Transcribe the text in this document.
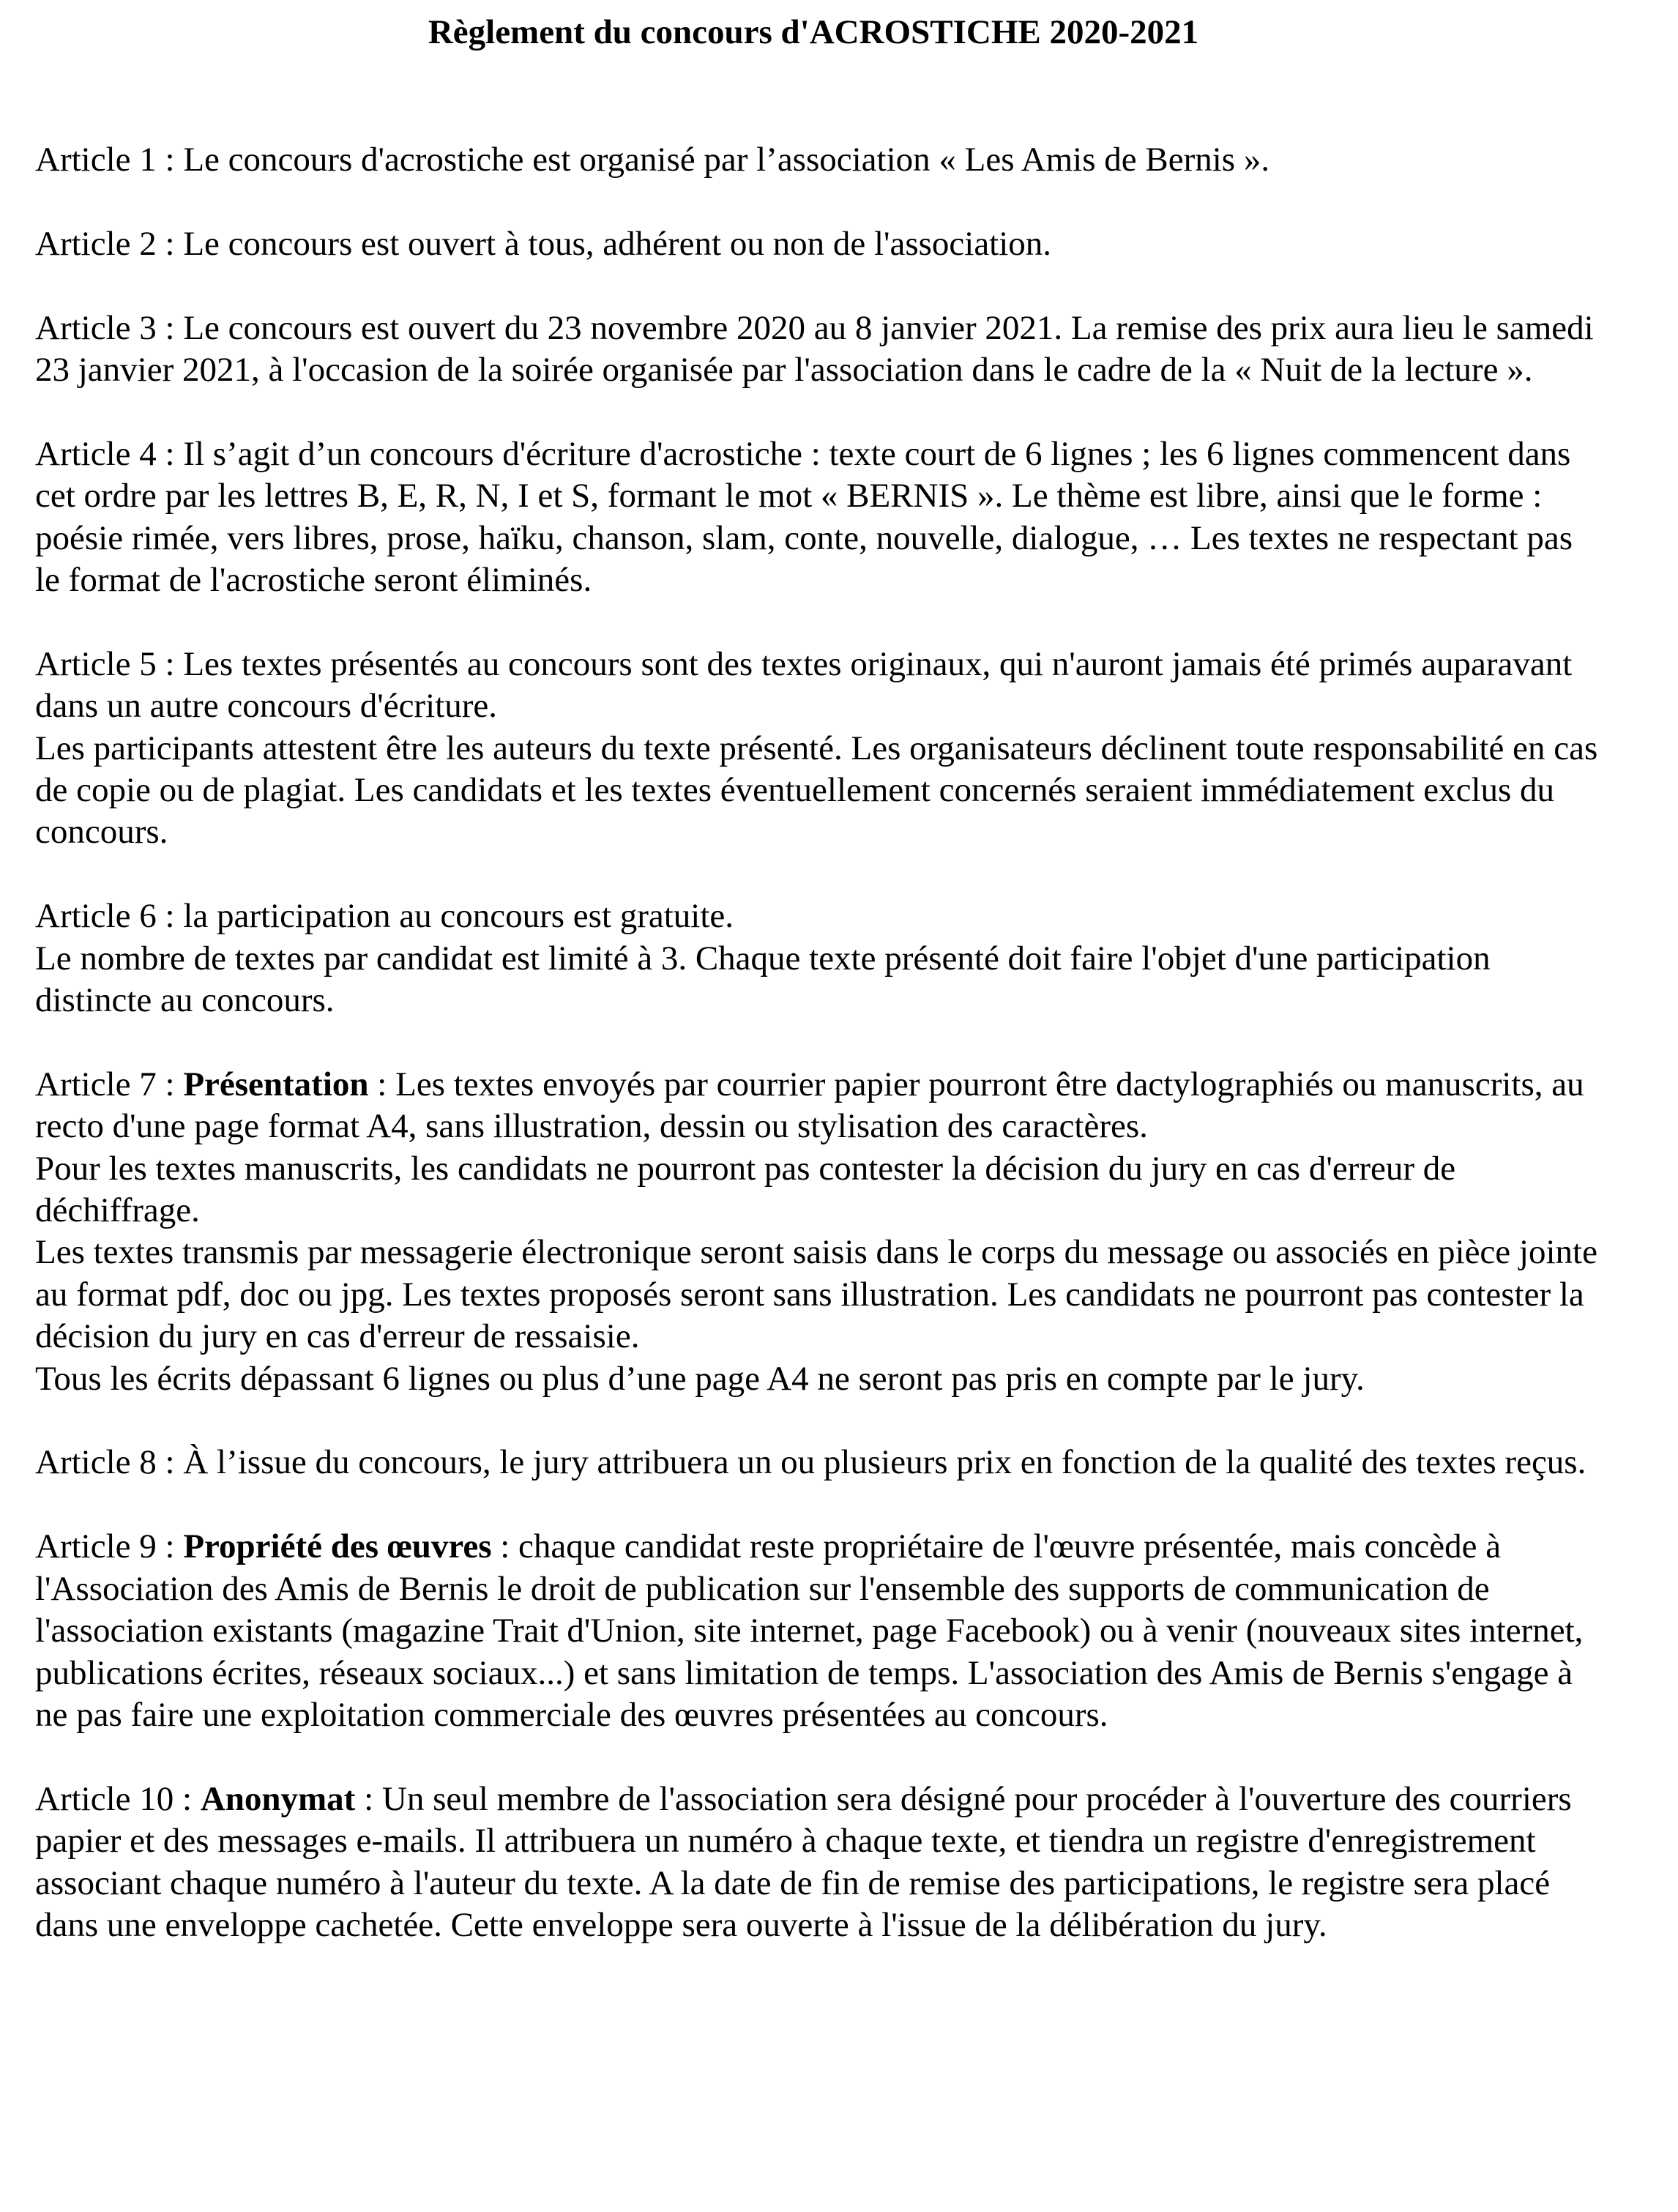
Règlement du concours d'ACROSTICHE 2020-2021

Article 1 : Le concours d'acrostiche est organisé par l’association « Les Amis de Bernis ».

Article 2 : Le concours est ouvert à tous, adhérent ou non de l'association.

Article 3 : Le concours est ouvert du 23 novembre 2020 au 8 janvier 2021. La remise des prix aura lieu le samedi 23 janvier 2021, à l'occasion de la soirée organisée par l'association dans le cadre de la « Nuit de la lecture ».

Article 4 : Il s’agit d’un concours d'écriture d'acrostiche : texte court de 6 lignes ; les 6 lignes commencent dans cet ordre par les lettres B, E, R, N, I et S, formant le mot « BERNIS ». Le thème est libre, ainsi que le forme : poésie rimée, vers libres, prose, haïku, chanson, slam, conte, nouvelle, dialogue, … Les textes ne respectant pas le format de l'acrostiche seront éliminés.

Article 5 : Les textes présentés au concours sont des textes originaux, qui n'auront jamais été primés auparavant dans un autre concours d'écriture.

Les participants attestent être les auteurs du texte présenté. Les organisateurs déclinent toute responsabilité en cas de copie ou de plagiat. Les candidats et les textes éventuellement concernés seraient immédiatement exclus du concours.

Article 6 : la participation au concours est gratuite.

Le nombre de textes par candidat est limité à 3. Chaque texte présenté doit faire l'objet d'une participation distincte au concours.

Article 7 : Présentation : Les textes envoyés par courrier papier pourront être dactylographiés ou manuscrits, au recto d'une page format A4, sans illustration, dessin ou stylisation des caractères.

Pour les textes manuscrits, les candidats ne pourront pas contester la décision du jury en cas d'erreur de déchiffrage.

Les textes transmis par messagerie électronique seront saisis dans le corps du message ou associés en pièce jointe au format pdf, doc ou jpg. Les textes proposés seront sans illustration. Les candidats ne pourront pas contester la décision du jury en cas d'erreur de ressaisie.

Tous les écrits dépassant 6 lignes ou plus d’une page A4 ne seront pas pris en compte par le jury.

Article 8 : À l’issue du concours, le jury attribuera un ou plusieurs prix en fonction de la qualité des textes reçus.

Article 9 : Propriété des œuvres : chaque candidat reste propriétaire de l'œuvre présentée, mais concède à l'Association des Amis de Bernis le droit de publication sur l'ensemble des supports de communication de l'association existants (magazine Trait d'Union, site internet, page Facebook) ou à venir (nouveaux sites internet, publications écrites, réseaux sociaux...) et sans limitation de temps. L'association des Amis de Bernis s'engage à ne pas faire une exploitation commerciale des œuvres présentées au concours.

Article 10 : Anonymat : Un seul membre de l'association sera désigné pour procéder à l'ouverture des courriers papier et des messages e-mails. Il attribuera un numéro à chaque texte, et tiendra un registre d'enregistrement associant chaque numéro à l'auteur du texte. A la date de fin de remise des participations, le registre sera placé dans une enveloppe cachetée. Cette enveloppe sera ouverte à l'issue de la délibération du jury.
